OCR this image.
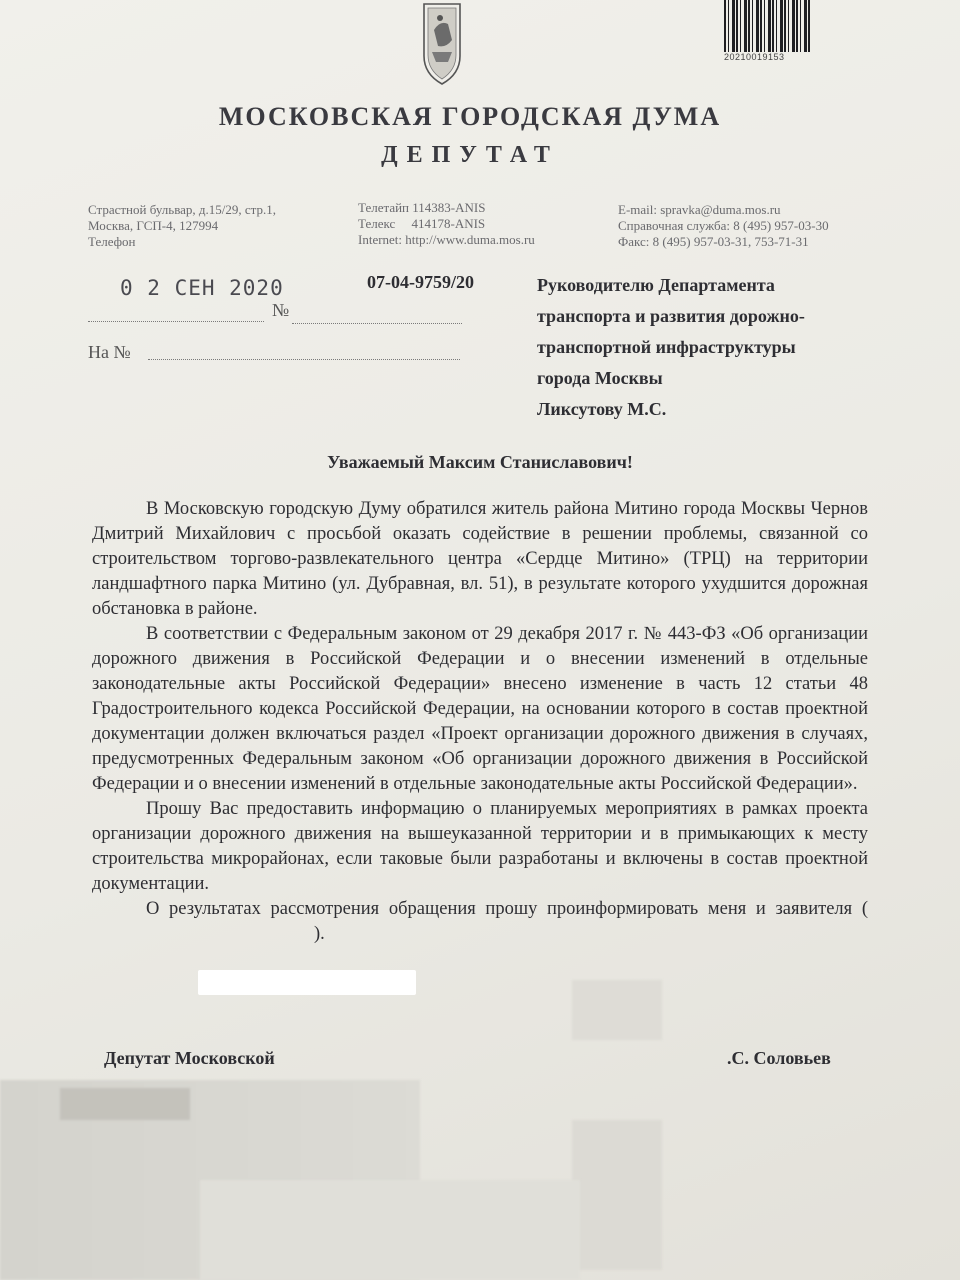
20210019153
МОСКОВСКАЯ ГОРОДСКАЯ ДУМА
ДЕПУТАТ
Страстной бульвар, д.15/29, стр.1,
Москва, ГСП-4, 127994
Телефон
Телетайп 114383-ANIS
Телекс     414178-ANIS
Internet: http://www.duma.mos.ru
E-mail: spravka@duma.mos.ru
Справочная служба: 8 (495) 957-03-30
Факс: 8 (495) 957-03-31, 753-71-31
0 2 СЕН 2020	07-04-9759/20
№
На №
Руководителю Департамента
транспорта и развития дорожно-
транспортной инфраструктуры
города Москвы
Ликсутову М.С.
Уважаемый Максим Станиславович!

В Московскую городскую Думу обратился житель района Митино города Москвы Чернов Дмитрий Михайлович с просьбой оказать содействие в решении проблемы, связанной со строительством торгово-развлекательного центра «Сердце Митино» (ТРЦ) на территории ландшафтного парка Митино (ул. Дубравная, вл. 51), в результате которого ухудшится дорожная обстановка в районе.

В соответствии с Федеральным законом от 29 декабря 2017 г. № 443-ФЗ «Об организации дорожного движения в Российской Федерации и о внесении изменений в отдельные законодательные акты Российской Федерации» внесено изменение в часть 12 статьи 48 Градостроительного кодекса Российской Федерации, на основании которого в состав проектной документации должен включаться раздел «Проект организации дорожного движения в случаях, предусмотренных Федеральным законом «Об организации дорожного движения в Российской Федерации и о внесении изменений в отдельные законодательные акты Российской Федерации».

Прошу Вас предоставить информацию о планируемых мероприятиях в рамках проекта организации дорожного движения на вышеуказанной территории и в примыкающих к месту строительства микрорайонах, если таковые были разработаны и включены в состав проектной документации.

О результатах рассмотрения обращения прошу проинформировать меня и заявителя ().

Депутат Московской	.С. Соловьев
